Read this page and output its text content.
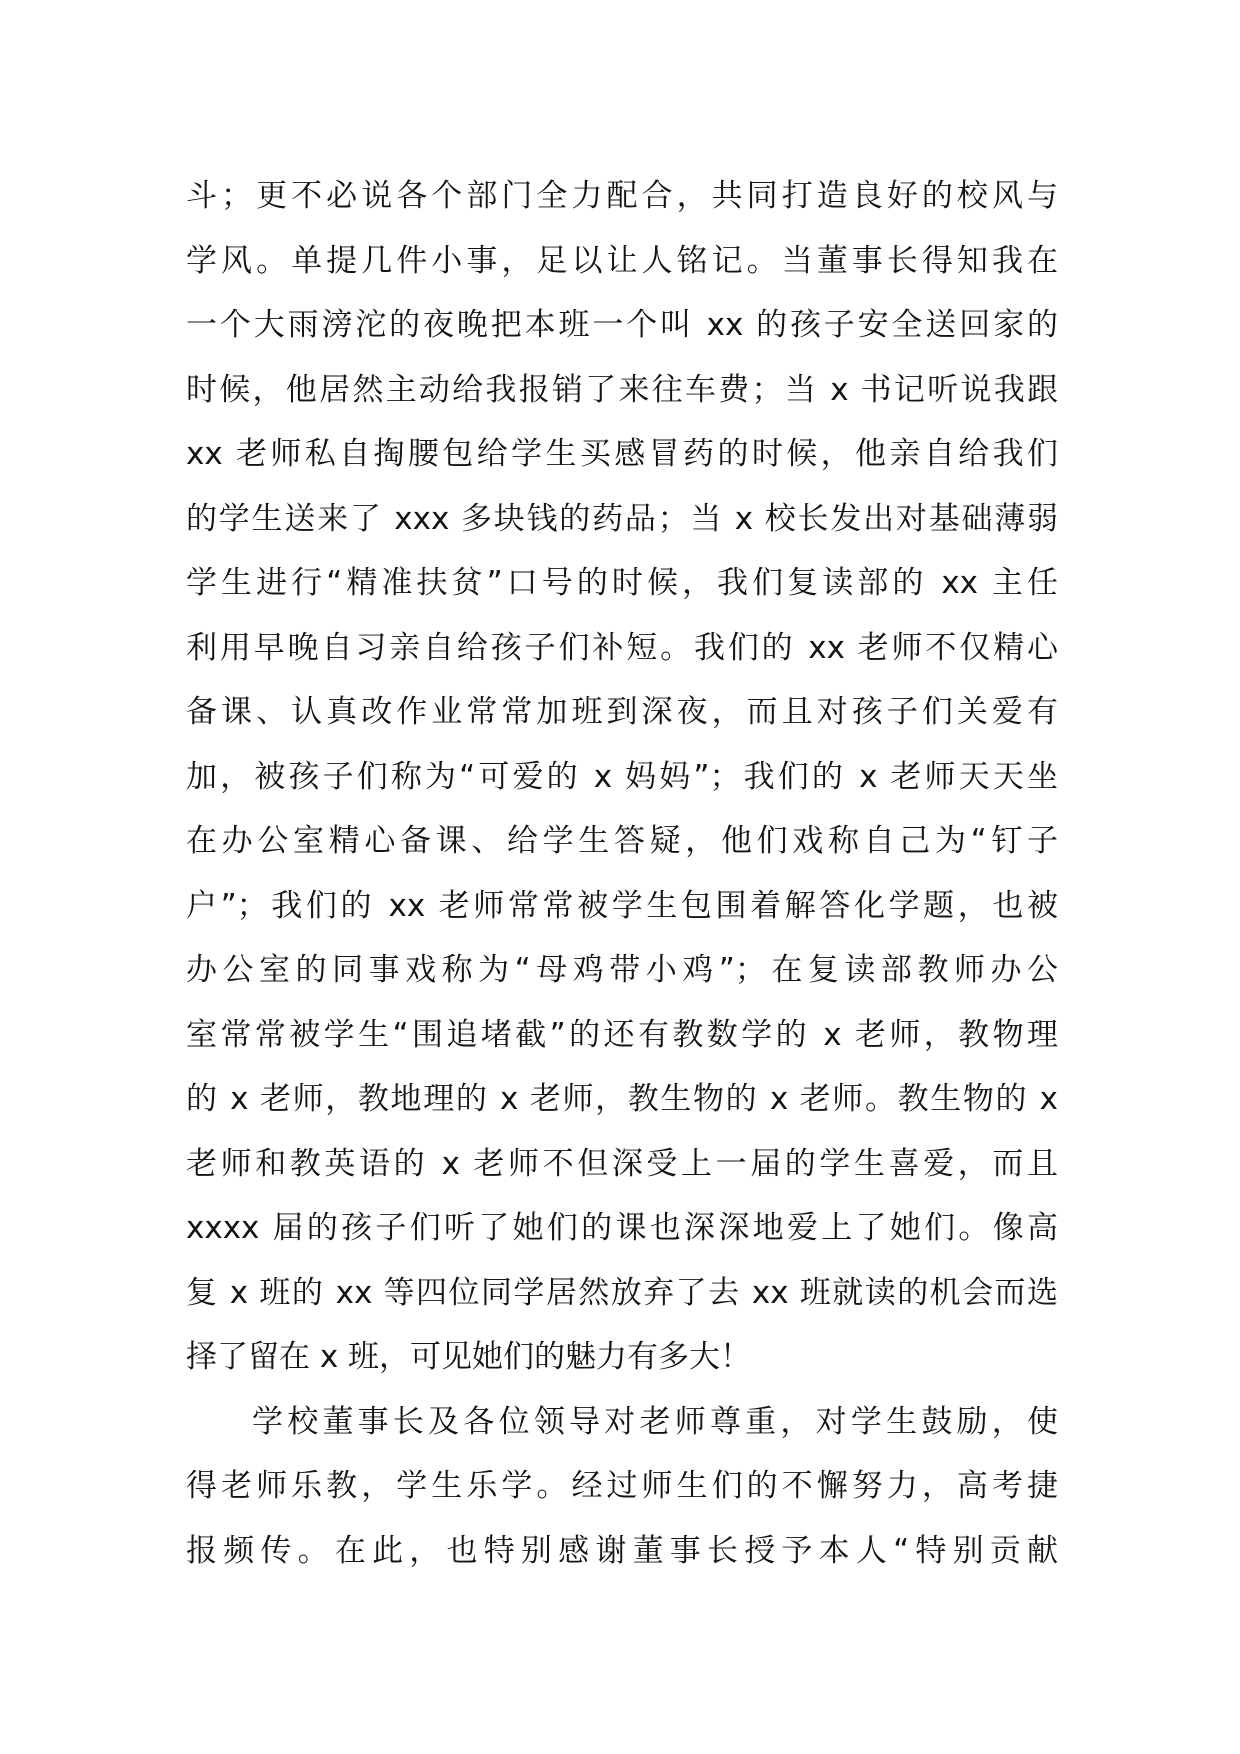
斗；更不必说各个部门全力配合，共同打造良好的校风与
学风。单提几件小事，足以让人铭记。当董事长得知我在
一个大雨滂沱的夜晚把本班一个叫 xx 的孩子安全送回家的
时候，他居然主动给我报销了来往车费；当 x 书记听说我跟
xx 老师私自掏腰包给学生买感冒药的时候，他亲自给我们
的学生送来了 xxx 多块钱的药品；当 x 校长发出对基础薄弱
学生进行“精准扶贫”口号的时候，我们复读部的 xx 主任
利用早晚自习亲自给孩子们补短。我们的 xx 老师不仅精心
备课、认真改作业常常加班到深夜，而且对孩子们关爱有
加，被孩子们称为“可爱的 x 妈妈”；我们的 x 老师天天坐
在办公室精心备课、给学生答疑，他们戏称自己为“钉子
户”；我们的 xx 老师常常被学生包围着解答化学题，也被
办公室的同事戏称为“母鸡带小鸡”；在复读部教师办公
室常常被学生“围追堵截”的还有教数学的 x 老师，教物理
的 x 老师，教地理的 x 老师，教生物的 x 老师。教生物的 x
老师和教英语的 x 老师不但深受上一届的学生喜爱，而且
xxxx 届的孩子们听了她们的课也深深地爱上了她们。像高
复 x 班的 xx 等四位同学居然放弃了去 xx 班就读的机会而选
择了留在 x 班，可见她们的魅力有多大！
学校董事长及各位领导对老师尊重，对学生鼓励，使
得老师乐教，学生乐学。经过师生们的不懈努力，高考捷
报频传。在此，也特别感谢董事长授予本人“特别贡献
